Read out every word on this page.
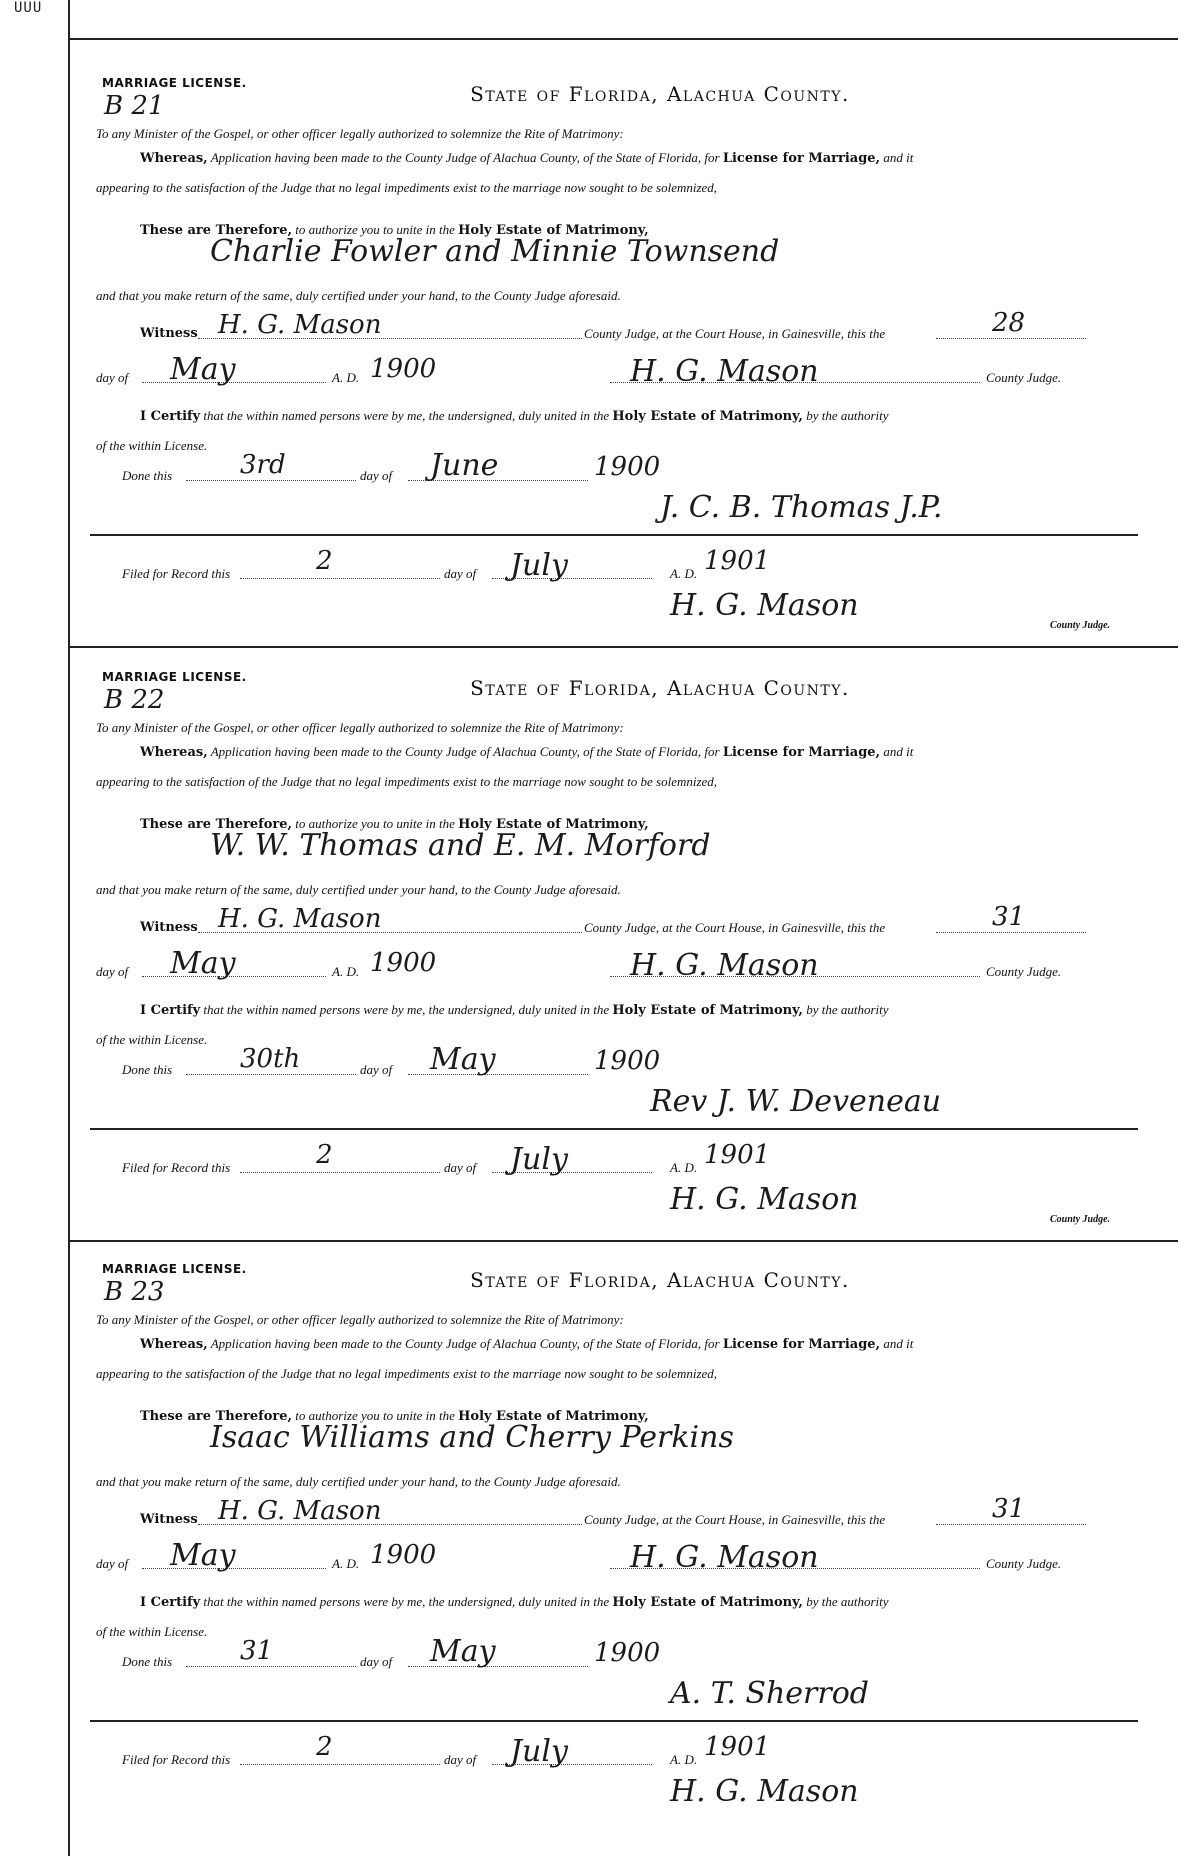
UUU
MARRIAGE LICENSE.
B 21	State of Florida, Alachua County.
To any Minister of the Gospel, or other officer legally authorized to solemnize the Rite of Matrimony:
Whereas, Application having been made to the County Judge of Alachua County, of the State of Florida, for License for Marriage, and it
appearing to the satisfaction of the Judge that no legal impediments exist to the marriage now sought to be solemnized,
These are Therefore, to authorize you to unite in the Holy Estate of Matrimony,
Charlie Fowler and Minnie Townsend
and that you make return of the same, duly certified under your hand, to the County Judge aforesaid.
Witness H. G. Mason	County Judge, at the Court House, in Gainesville, this the	28
day of May	A. D. 1900	H. G. Mason	County Judge.
I Certify that the within named persons were by me, the undersigned, duly united in the Holy Estate of Matrimony, by the authority
of the within License.
Done this	3rd	day of June	1900
J. C. B. Thomas J.P.
Filed for Record this	2	day of July	A. D. 1901
H. G. Mason
County Judge.
MARRIAGE LICENSE.
B 22	State of Florida, Alachua County.
To any Minister of the Gospel, or other officer legally authorized to solemnize the Rite of Matrimony:
Whereas, Application having been made to the County Judge of Alachua County, of the State of Florida, for License for Marriage, and it
appearing to the satisfaction of the Judge that no legal impediments exist to the marriage now sought to be solemnized,
These are Therefore, to authorize you to unite in the Holy Estate of Matrimony,
W. W. Thomas and E. M. Morford
and that you make return of the same, duly certified under your hand, to the County Judge aforesaid.
Witness H. G. Mason	County Judge, at the Court House, in Gainesville, this the	31
day of May	A. D. 1900	H. G. Mason	County Judge.
I Certify that the within named persons were by me, the undersigned, duly united in the Holy Estate of Matrimony, by the authority
of the within License.
Done this	30th	day of May	1900
Rev J. W. Deveneau
Filed for Record this	2	day of July	A. D. 1901
H. G. Mason
County Judge.
MARRIAGE LICENSE.
B 23	State of Florida, Alachua County.
To any Minister of the Gospel, or other officer legally authorized to solemnize the Rite of Matrimony:
Whereas, Application having been made to the County Judge of Alachua County, of the State of Florida, for License for Marriage, and it
appearing to the satisfaction of the Judge that no legal impediments exist to the marriage now sought to be solemnized,
These are Therefore, to authorize you to unite in the Holy Estate of Matrimony,
Isaac Williams and Cherry Perkins
and that you make return of the same, duly certified under your hand, to the County Judge aforesaid.
Witness H. G. Mason	County Judge, at the Court House, in Gainesville, this the	31
day of May	A. D. 1900	H. G. Mason	County Judge.
I Certify that the within named persons were by me, the undersigned, duly united in the Holy Estate of Matrimony, by the authority
of the within License.
Done this	31	day of May	1900
A. T. Sherrod
Filed for Record this	2	day of July	A. D. 1901
H. G. Mason
